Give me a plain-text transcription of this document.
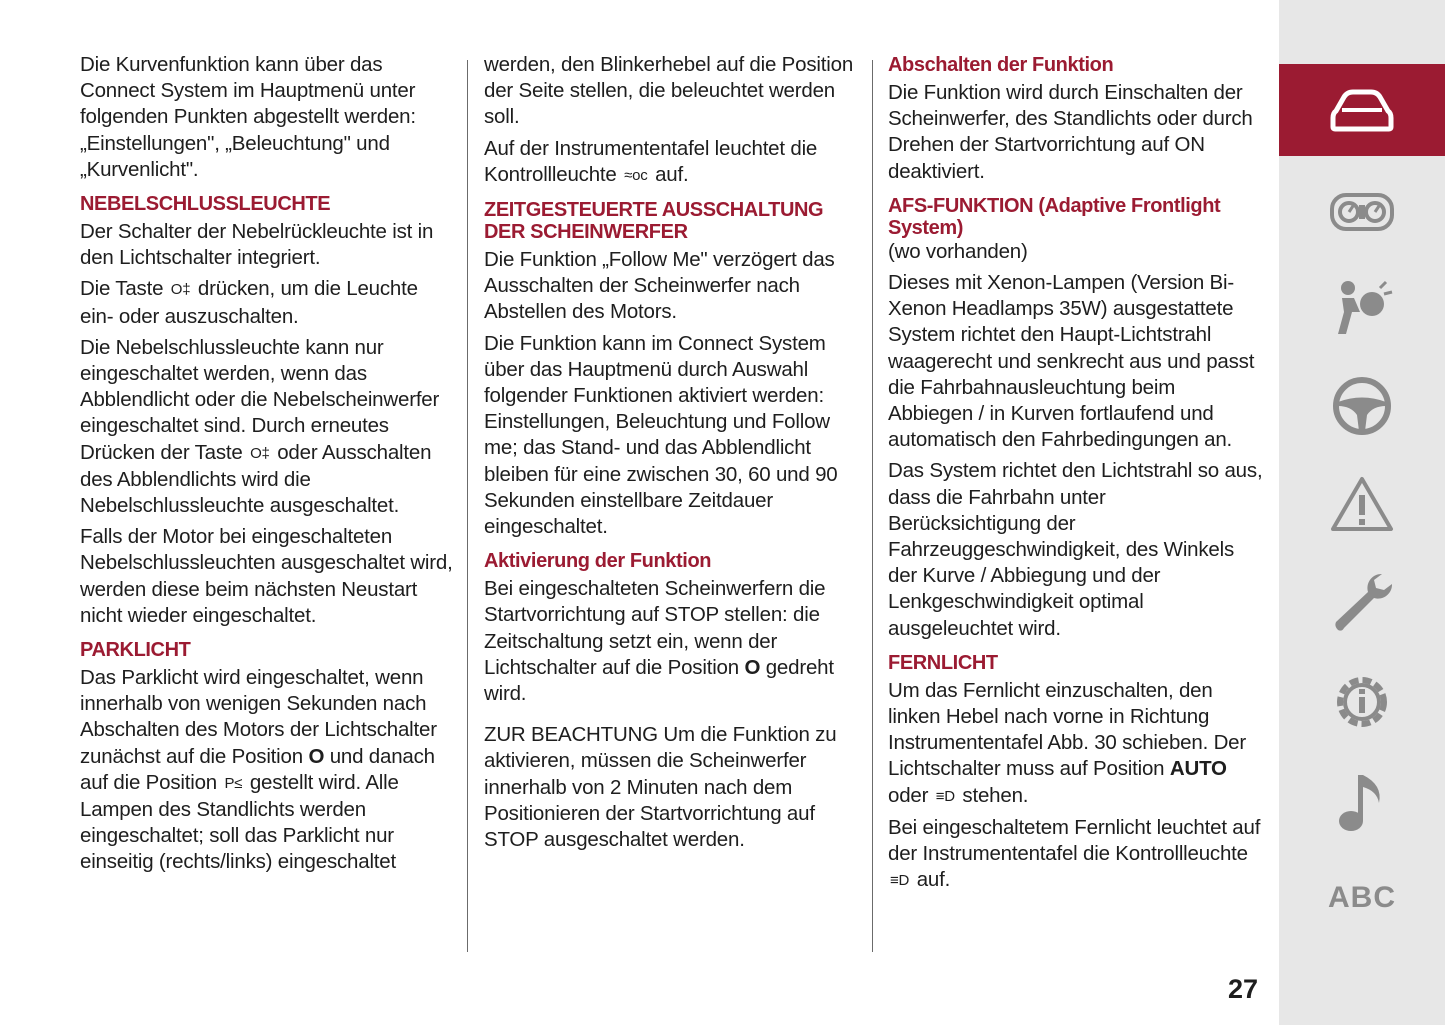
Die Kurvenfunktion kann über das Connect System im Hauptmenü unter folgenden Punkten abgestellt werden: „Einstellungen", „Beleuchtung" und „Kurvenlicht".

NEBELSCHLUSSLEUCHTE

Der Schalter der Nebelrückleuchte ist in den Lichtschalter integriert.

Die Taste O‡ drücken, um die Leuchte ein- oder auszuschalten.

Die Nebelschlussleuchte kann nur eingeschaltet werden, wenn das Abblendlicht oder die Nebelscheinwerfer eingeschaltet sind. Durch erneutes Drücken der Taste O‡ oder Ausschalten des Abblendlichts wird die Nebelschlussleuchte ausgeschaltet.

Falls der Motor bei eingeschalteten Nebelschlussleuchten ausgeschaltet wird, werden diese beim nächsten Neustart nicht wieder eingeschaltet.

PARKLICHT

Das Parklicht wird eingeschaltet, wenn innerhalb von wenigen Sekunden nach Abschalten des Motors der Lichtschalter zunächst auf die Position O und danach auf die Position P≤ gestellt wird. Alle Lampen des Standlichts werden eingeschaltet; soll das Parklicht nur einseitig (rechts/links) eingeschaltet

werden, den Blinkerhebel auf die Position der Seite stellen, die beleuchtet werden soll.

Auf der Instrumententafel leuchtet die Kontrollleuchte ≈oc auf.

ZEITGESTEUERTE AUSSCHALTUNG DER SCHEINWERFER

Die Funktion „Follow Me" verzögert das Ausschalten der Scheinwerfer nach Abstellen des Motors.

Die Funktion kann im Connect System über das Hauptmenü durch Auswahl folgender Funktionen aktiviert werden: Einstellungen, Beleuchtung und Follow me; das Stand- und das Abblendlicht bleiben für eine zwischen 30, 60 und 90 Sekunden einstellbare Zeitdauer eingeschaltet.

Aktivierung der Funktion

Bei eingeschalteten Scheinwerfern die Startvorrichtung auf STOP stellen: die Zeitschaltung setzt ein, wenn der Lichtschalter auf die Position O gedreht wird.

ZUR BEACHTUNG Um die Funktion zu aktivieren, müssen die Scheinwerfer innerhalb von 2 Minuten nach dem Positionieren der Startvorrichtung auf STOP ausgeschaltet werden.

Abschalten der Funktion

Die Funktion wird durch Einschalten der Scheinwerfer, des Standlichts oder durch Drehen der Startvorrichtung auf ON deaktiviert.

AFS-FUNKTION (Adaptive Frontlight System)

(wo vorhanden)

Dieses mit Xenon-Lampen (Version Bi-Xenon Headlamps 35W) ausgestattete System richtet den Haupt-Lichtstrahl waagerecht und senkrecht aus und passt die Fahrbahnausleuchtung beim Abbiegen / in Kurven fortlaufend und automatisch den Fahrbedingungen an.

Das System richtet den Lichtstrahl so aus, dass die Fahrbahn unter Berücksichtigung der Fahrzeuggeschwindigkeit, des Winkels der Kurve / Abbiegung und der Lenkgeschwindigkeit optimal ausgeleuchtet wird.

FERNLICHT

Um das Fernlicht einzuschalten, den linken Hebel nach vorne in Richtung Instrumententafel Abb. 30 schieben. Der Lichtschalter muss auf Position AUTO oder ≡D stehen.

Bei eingeschaltetem Fernlicht leuchtet auf der Instrumententafel die Kontrollleuchte ≡D auf.

27
ABC
